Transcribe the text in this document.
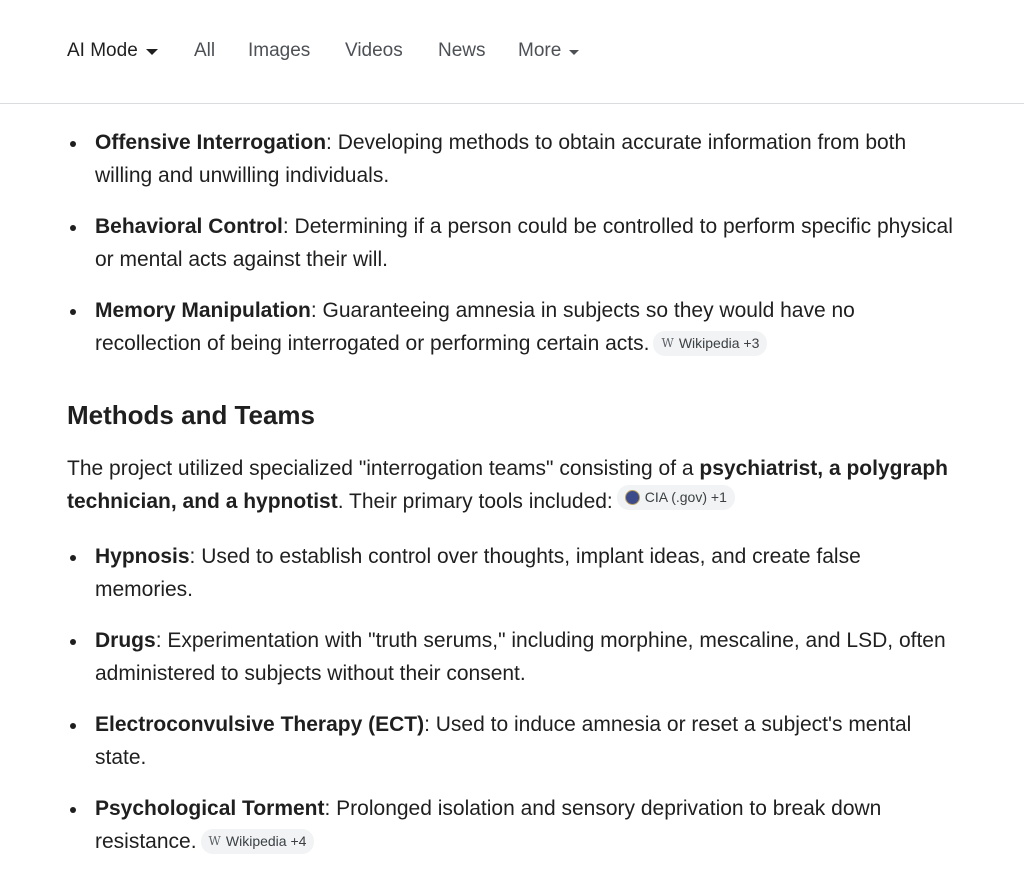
AI Mode	All Images Videos News More
Offensive Interrogation: Developing methods to obtain accurate information from both willing and unwilling individuals.
Behavioral Control: Determining if a person could be controlled to perform specific physical or mental acts against their will.
Memory Manipulation: Guaranteeing amnesia in subjects so they would have no recollection of being interrogated or performing certain acts. W Wikipedia +3
Methods and Teams
The project utilized specialized "interrogation teams" consisting of a psychiatrist, a polygraph technician, and a hypnotist. Their primary tools included: CIA (.gov) +1
Hypnosis: Used to establish control over thoughts, implant ideas, and create false memories.
Drugs: Experimentation with "truth serums," including morphine, mescaline, and LSD, often administered to subjects without their consent.
Electroconvulsive Therapy (ECT): Used to induce amnesia or reset a subject's mental state.
Psychological Torment: Prolonged isolation and sensory deprivation to break down resistance. W Wikipedia +4
